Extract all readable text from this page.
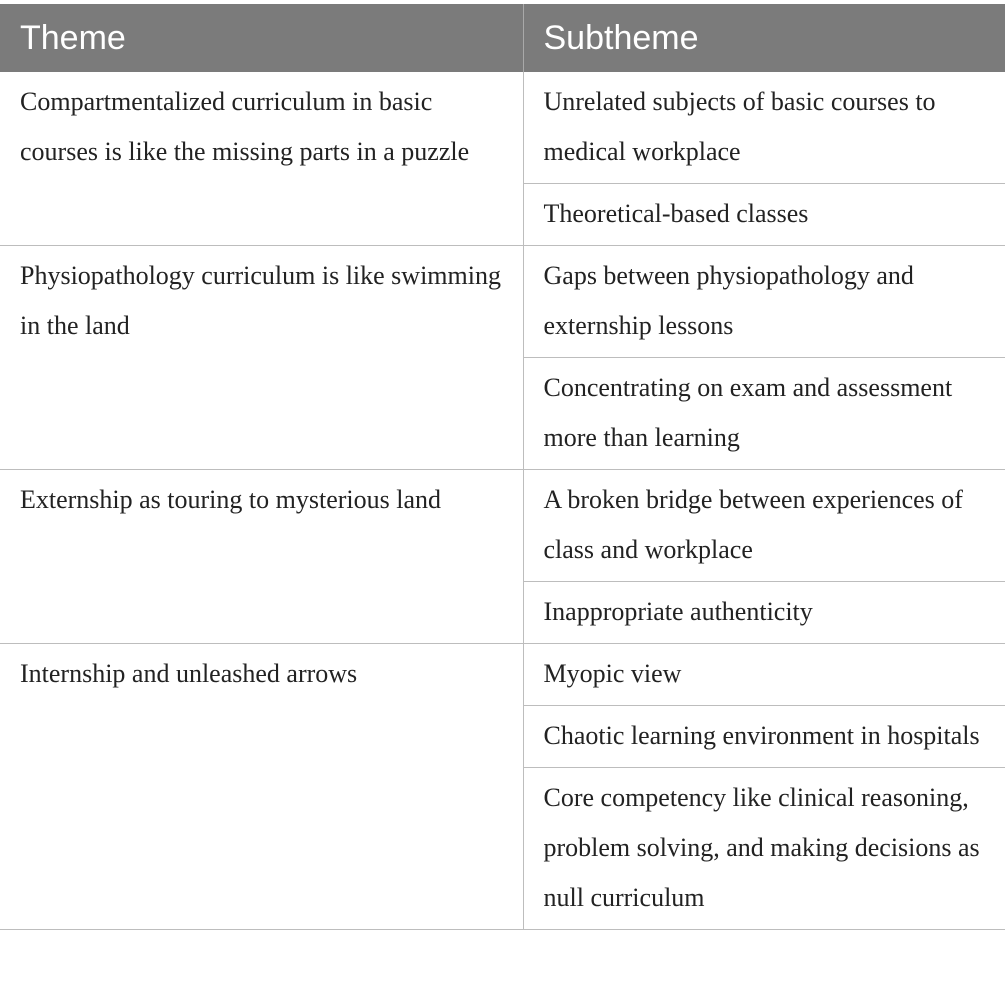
Theme	Subtheme
Compartmentalized curriculum in basic courses is like the missing parts in a puzzle	Unrelated subjects of basic courses to medical workplace
	Theoretical-based classes
Physiopathology curriculum is like swimming in the land	Gaps between physiopathology and externship lessons
	Concentrating on exam and assessment more than learning
Externship as touring to mysterious land	A broken bridge between experiences of class and workplace
	Inappropriate authenticity
Internship and unleashed arrows	Myopic view
	Chaotic learning environment in hospitals
	Core competency like clinical reasoning, problem solving, and making decisions as null curriculum
